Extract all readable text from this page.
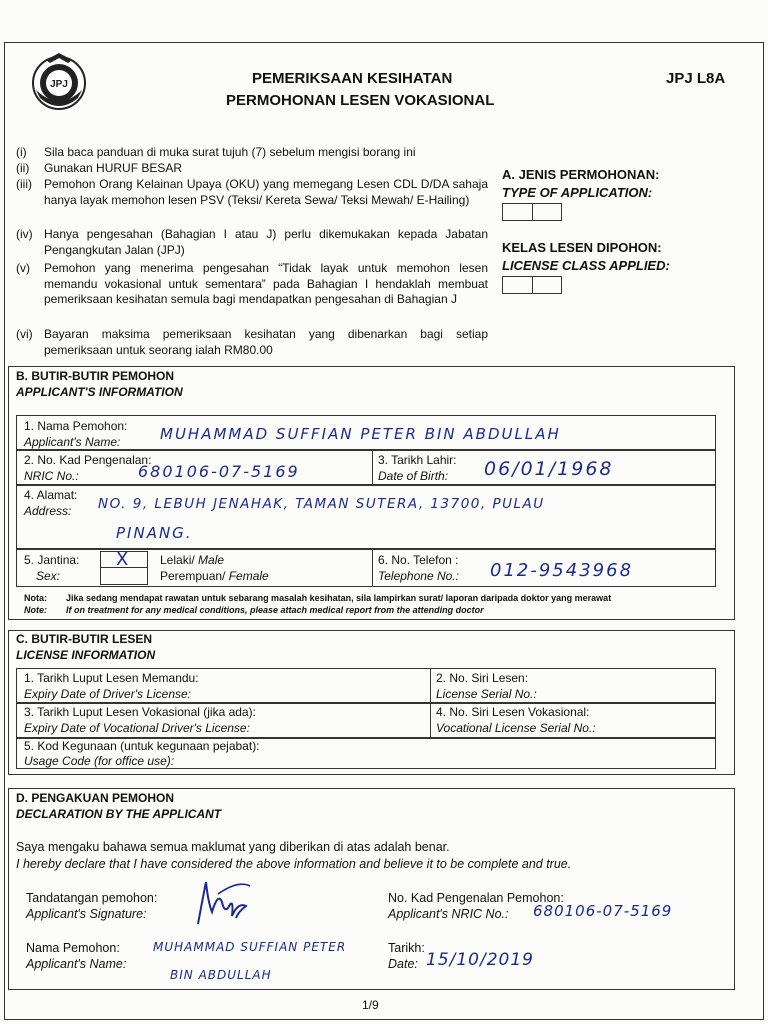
JPJ	PEMERIKSAAN KESIHATAN
PERMOHONAN LESEN VOKASIONAL
JPJ L8A
(i) Sila baca panduan di muka surat tujuh (7) sebelum mengisi borang ini
(ii) Gunakan HURUF BESAR
(iii) Pemohon Orang Kelainan Upaya (OKU) yang memegang Lesen CDL D/DA sahaja hanya layak memohon lesen PSV (Teksi/ Kereta Sewa/ Teksi Mewah/ E-Hailing)
(iv) Hanya pengesahan (Bahagian I atau J) perlu dikemukakan kepada Jabatan Pengangkutan Jalan (JPJ)
(v) Pemohon yang menerima pengesahan “Tidak layak untuk memohon lesen memandu vokasional untuk sementara” pada Bahagian I hendaklah membuat pemeriksaan kesihatan semula bagi mendapatkan pengesahan di Bahagian J
(vi) Bayaran maksima pemeriksaan kesihatan yang dibenarkan bagi setiap pemeriksaan untuk seorang ialah RM80.00
A. JENIS PERMOHONAN:
TYPE OF APPLICATION:
KELAS LESEN DIPOHON:
LICENSE CLASS APPLIED:
B. BUTIR-BUTIR PEMOHON
APPLICANT'S INFORMATION
1. Nama Pemohon:
Applicant's Name:	MUHAMMAD SUFFIAN PETER BIN ABDULLAH
2. No. Kad Pengenalan:
NRIC No.:	680106-07-5169
3. Tarikh Lahir:
Date of Birth: 06/01/1968
4. Alamat:
Address: NO. 9, LEBUH JENAHAK, TAMAN SUTERA, 13700, PULAU
PINANG.
5. Jantina:
Sex:
X Lelaki/ Male
Perempuan/ Female
6. No. Telefon :
Telephone No.: 012-9543968
Nota: Jika sedang mendapat rawatan untuk sebarang masalah kesihatan, sila lampirkan surat/ laporan daripada doktor yang merawat
Note: If on treatment for any medical conditions, please attach medical report from the attending doctor
C. BUTIR-BUTIR LESEN
LICENSE INFORMATION
1. Tarikh Luput Lesen Memandu:
Expiry Date of Driver's License:
2. No. Siri Lesen:
License Serial No.:
3. Tarikh Luput Lesen Vokasional (jika ada):
Expiry Date of Vocational Driver's License:
4. No. Siri Lesen Vokasional:
Vocational License Serial No.:
5. Kod Kegunaan (untuk kegunaan pejabat):
Usage Code (for office use):
D. PENGAKUAN PEMOHON
DECLARATION BY THE APPLICANT
Saya mengaku bahawa semua maklumat yang diberikan di atas adalah benar.
I hereby declare that I have considered the above information and believe it to be complete and true.
Tandatangan pemohon:
Applicant's Signature:
No. Kad Pengenalan Pemohon:
Applicant's NRIC No.: 680106-07-5169
Nama Pemohon:
Applicant's Name:
MUHAMMAD SUFFIAN PETER
BIN ABDULLAH
Tarikh:
Date: 15/10/2019
1/9
